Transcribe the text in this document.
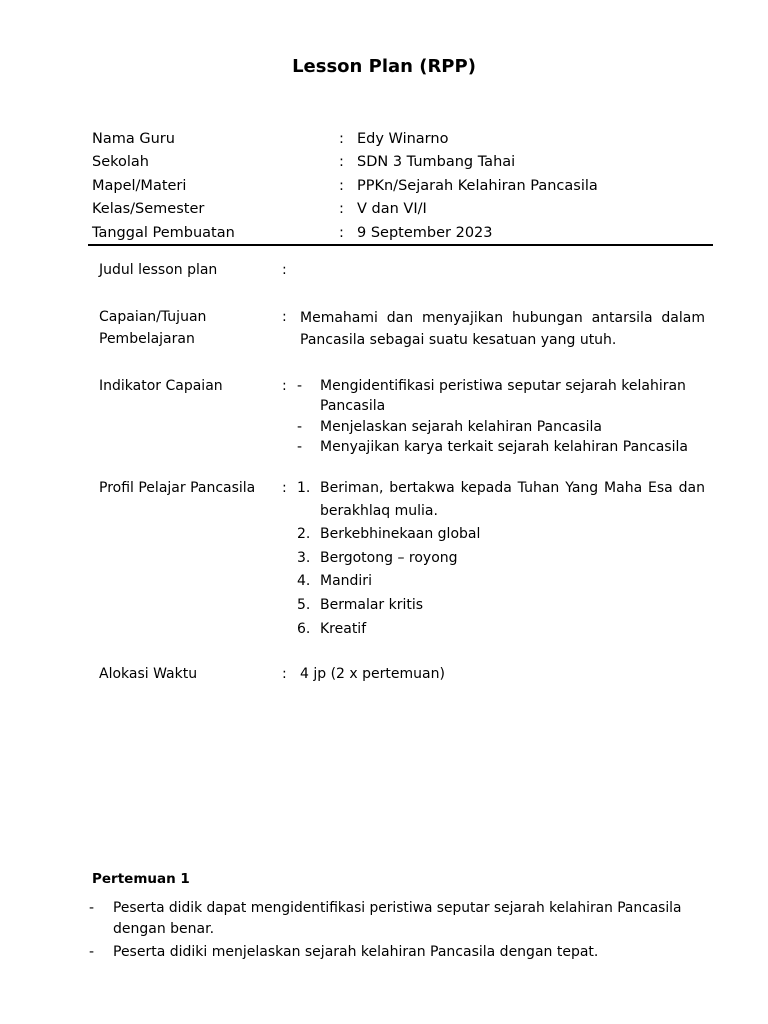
Lesson Plan (RPP)
Nama Guru	: Edy Winarno
Sekolah	: SDN 3 Tumbang Tahai
Mapel/Materi	: PPKn/Sejarah Kelahiran Pancasila
Kelas/Semester	: V dan VI/I
Tanggal Pembuatan	: 9 September 2023
Judul lesson plan	:
Capaian/Tujuan
Pembelajaran
: Memahami dan menyajikan hubungan antarsila dalam
Pancasila sebagai suatu kesatuan yang utuh.
Indikator Capaian	: - Mengidentifikasi peristiwa seputar sejarah kelahiran
Pancasila
- Menjelaskan sejarah kelahiran Pancasila
- Menyajikan karya terkait sejarah kelahiran Pancasila
Profil Pelajar Pancasila : 1. Beriman, bertakwa kepada Tuhan Yang Maha Esa dan
berakhlaq mulia.
2. Berkebhinekaan global
3. Bergotong – royong
4. Mandiri
5. Bermalar kritis
6. Kreatif
Alokasi Waktu	: 4 jp (2 x pertemuan)
Pertemuan 1
- Peserta didik dapat mengidentifikasi peristiwa seputar sejarah kelahiran Pancasila
dengan benar.
- Peserta didiki menjelaskan sejarah kelahiran Pancasila dengan tepat.
